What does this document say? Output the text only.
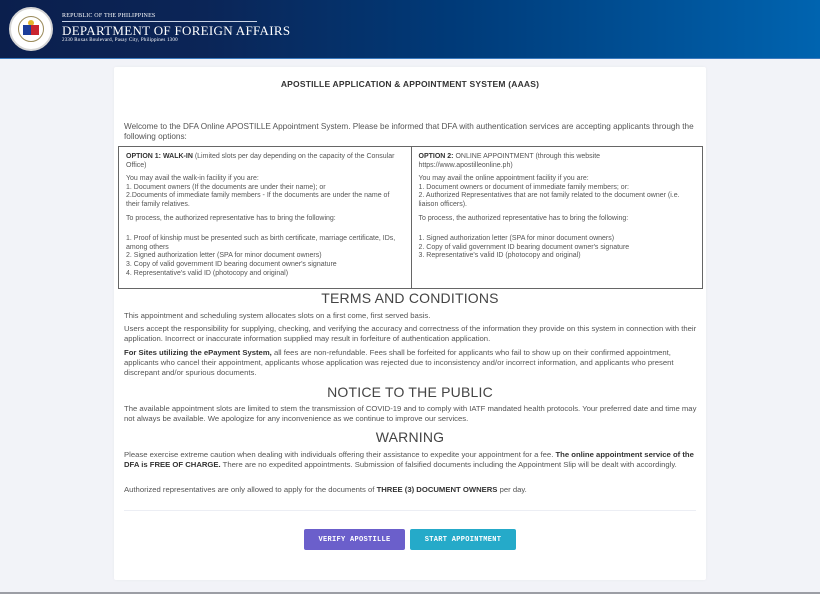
REPUBLIC OF THE PHILIPPINES
DEPARTMENT OF FOREIGN AFFAIRS
2330 Roxas Boulevard, Pasay City, Philippines 1300
APOSTILLE APPLICATION & APPOINTMENT SYSTEM (AAAS)
Welcome to the DFA Online APOSTILLE Appointment System. Please be informed that DFA with authentication services are accepting applicants through the following options:

OPTION 1: WALK-IN (Limited slots per day depending on the capacity of the Consular Office)

You may avail the walk-in facility if you are:
1. Document owners (If the documents are under their name); or
2.Documents of immediate family members - If the documents are under the name of their family relatives.

To process, the authorized representative has to bring the following:

1. Proof of kinship must be presented such as birth certificate, marriage certificate, IDs, among others
2. Signed authorization letter (SPA for minor document owners)
3. Copy of valid government ID bearing document owner's signature
4. Representative's valid ID (photocopy and original)

OPTION 2: ONLINE APPOINTMENT (through this website https://www.apostilleonline.ph)

You may avail the online appointment facility if you are:
1. Document owners or document of immediate family members; or:
2. Authorized Representatives that are not family related to the document owner (i.e. liaison officers).

To process, the authorized representative has to bring the following:

1. Signed authorization letter (SPA for minor document owners)
2. Copy of valid government ID bearing document owner's signature
3. Representative's valid ID (photocopy and original)

TERMS AND CONDITIONS
This appointment and scheduling system allocates slots on a first come, first served basis.
Users accept the responsibility for supplying, checking, and verifying the accuracy and correctness of the information they provide on this system in connection with their application. Incorrect or inaccurate information supplied may result in forfeiture of authentication application.
For Sites utilizing the ePayment System, all fees are non-refundable. Fees shall be forfeited for applicants who fail to show up on their confirmed appointment, applicants who cancel their appointment, applicants whose application was rejected due to inconsistency and/or incorrect information, and applicants who present discrepant and/or spurious documents.
NOTICE TO THE PUBLIC
The available appointment slots are limited to stem the transmission of COVID-19 and to comply with IATF mandated health protocols. Your preferred date and time may not always be available. We apologize for any inconvenience as we continue to improve our services.
WARNING
Please exercise extreme caution when dealing with individuals offering their assistance to expedite your appointment for a fee. The online appointment service of the DFA is FREE OF CHARGE. There are no expedited appointments. Submission of falsified documents including the Appointment Slip will be dealt with accordingly.
Authorized representatives are only allowed to apply for the documents of THREE (3) DOCUMENT OWNERS per day.
VERIFY APOSTILLE	START APPOINTMENT
